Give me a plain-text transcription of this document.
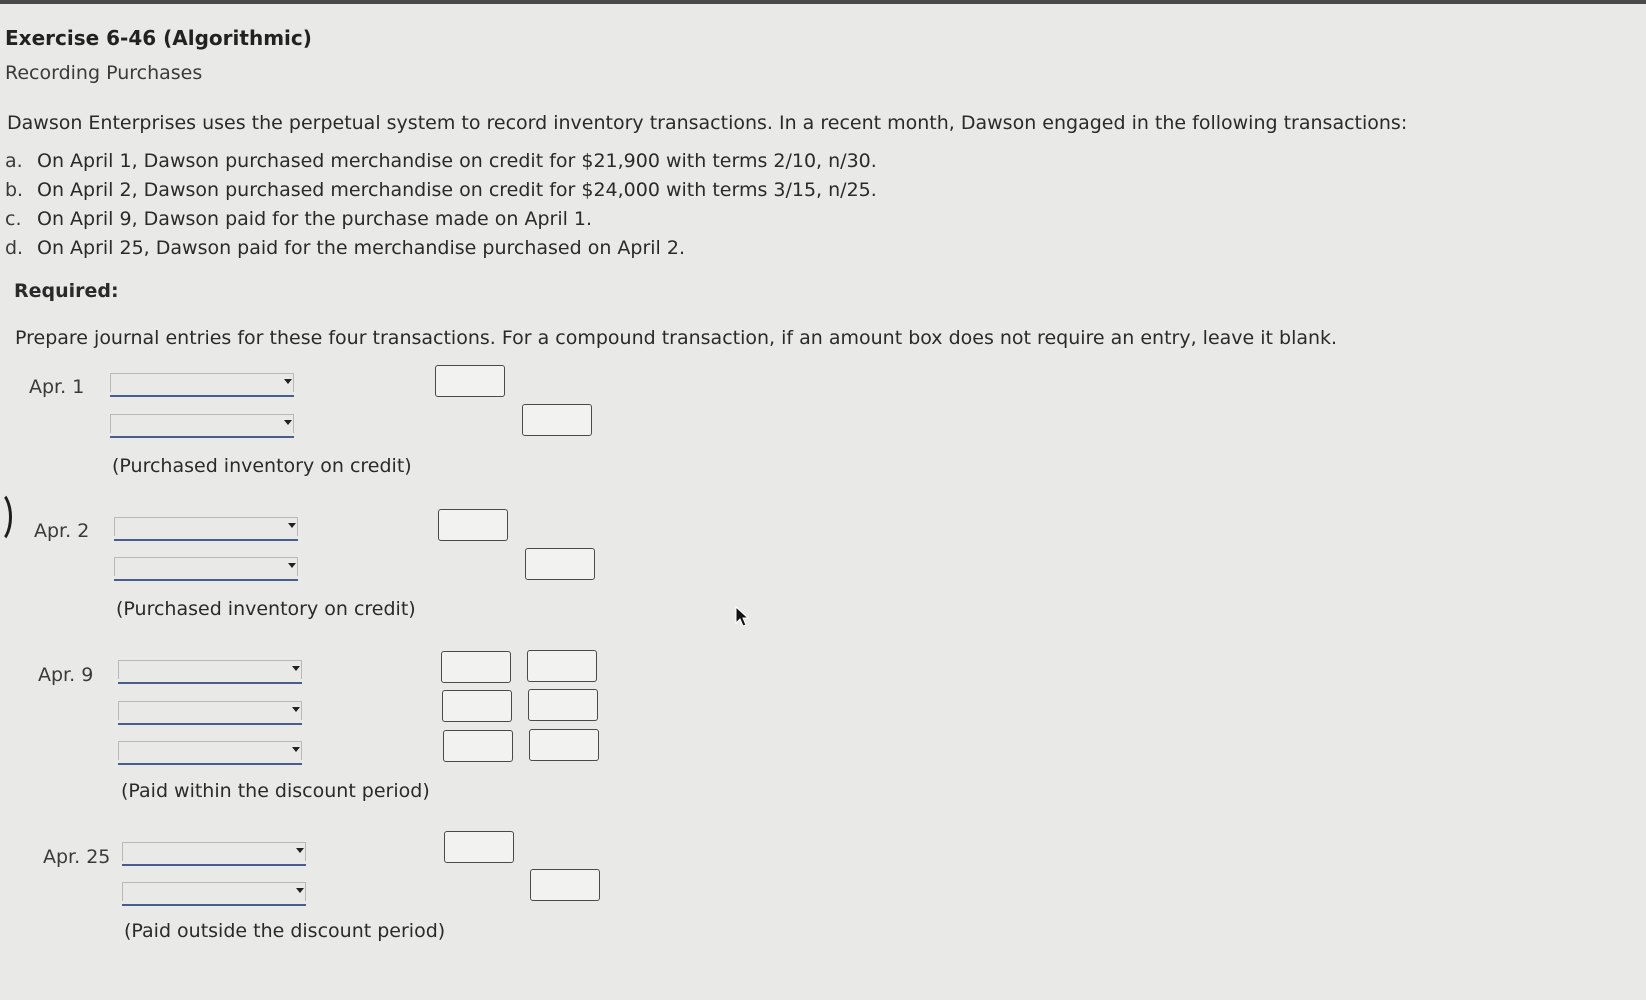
Exercise 6-46 (Algorithmic)
Recording Purchases
Dawson Enterprises uses the perpetual system to record inventory transactions. In a recent month, Dawson engaged in the following transactions:
a. On April 1, Dawson purchased merchandise on credit for $21,900 with terms 2/10, n/30.
b. On April 2, Dawson purchased merchandise on credit for $24,000 with terms 3/15, n/25.
c. On April 9, Dawson paid for the purchase made on April 1.
d. On April 25, Dawson paid for the merchandise purchased on April 2.
Required:
Prepare journal entries for these four transactions. For a compound transaction, if an amount box does not require an entry, leave it blank.
Apr. 1
(Purchased inventory on credit)
Apr. 2
(Purchased inventory on credit)
Apr. 9
(Paid within the discount period)
Apr. 25
(Paid outside the discount period)
